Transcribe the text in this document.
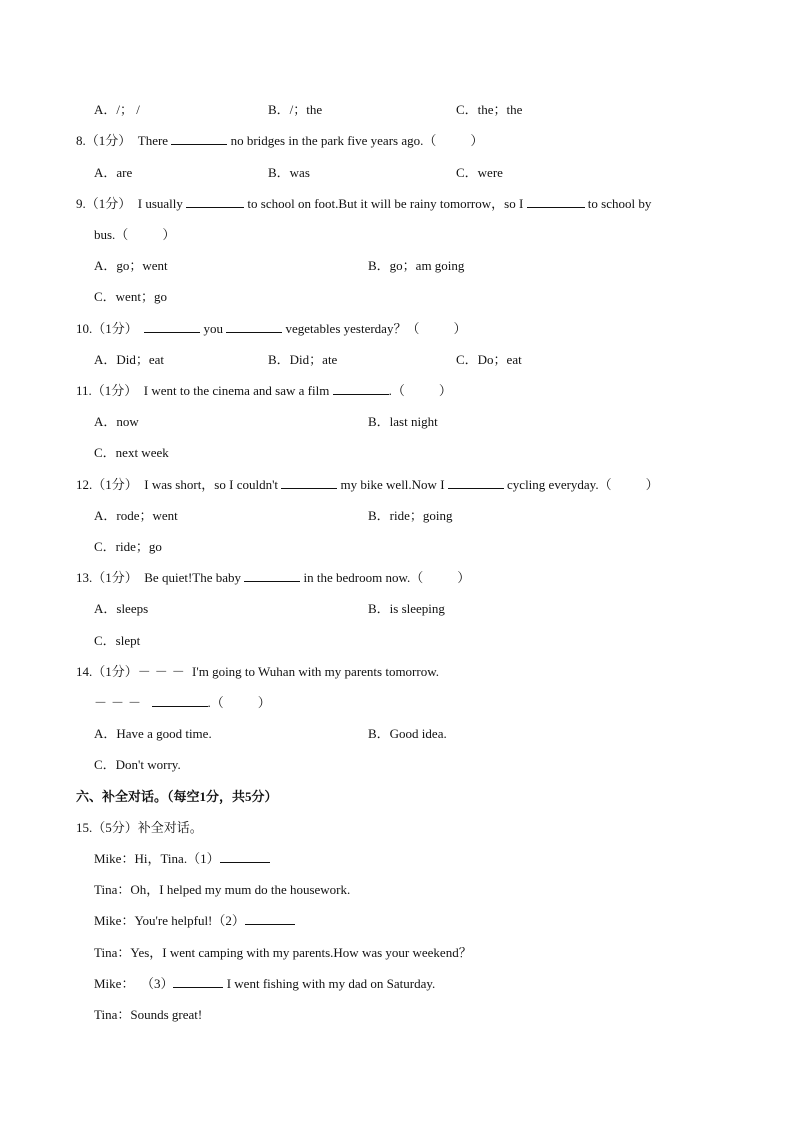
A．/； /	B．/；the	C．the；the
8.（1分） There	no bridges in the park five years ago.（	）
A．are	B．was	C．were
9.（1分） I usually	to school on foot.But it will be rainy tomorrow，so I	to school by
bus.（	）
A．go；went	B．go；am going
C．went；go
10.（1分）	you	vegetables yesterday？（	）
A．Did；eat	B．Did；ate	C．Do；eat
11.（1分） I went to the cinema and saw a film	.（	）
A．now	B．last night
C．next week
12.（1分） I was short，so I couldn't	my bike well.Now I	cycling everyday.（	）
A．rode；went	B．ride；going
C．ride；go
13.（1分） Be quiet!The baby	in the bedroom now.（	）
A．sleeps	B．is sleeping
C．slept
14.（1分）－－－ I'm going to Wuhan with my parents tomorrow.
－－－	.（	）
A．Have a good time.	B．Good idea.
C．Don't worry.
六、补全对话。（每空1分，共5分）
15.（5分）补全对话。
Mike：Hi，Tina.（1）
Tina：Oh，I helped my mum do the housework.
Mike：You're helpful!（2）
Tina：Yes，I went camping with my parents.How was your weekend？
Mike： （3）	I went fishing with my dad on Saturday.
Tina：Sounds great!
